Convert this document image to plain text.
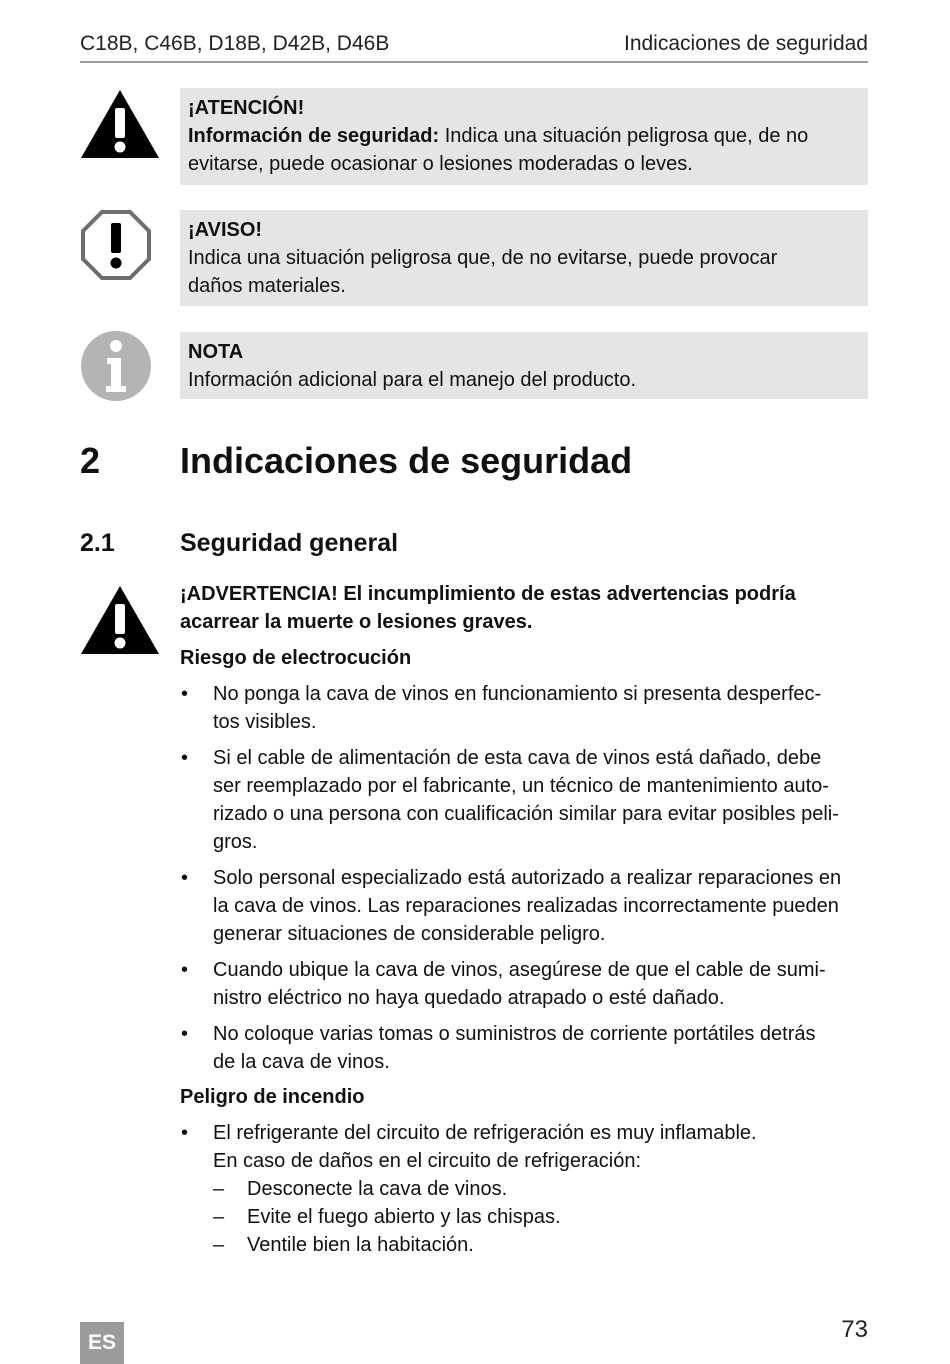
C18B, C46B, D18B, D42B, D46B	Indicaciones de seguridad
¡ATENCIÓN!
Información de seguridad: Indica una situación peligrosa que, de no
evitarse, puede ocasionar o lesiones moderadas o leves.
¡AVISO!
Indica una situación peligrosa que, de no evitarse, puede provocar
daños materiales.
NOTA
Información adicional para el manejo del producto.
2 Indicaciones de seguridad
2.1	Seguridad general
¡ADVERTENCIA! El incumplimiento de estas advertencias podría
acarrear la muerte o lesiones graves.
Riesgo de electrocución
• No ponga la cava de vinos en funcionamiento si presenta desperfec-
tos visibles.
• Si el cable de alimentación de esta cava de vinos está dañado, debe
ser reemplazado por el fabricante, un técnico de mantenimiento auto-
rizado o una persona con cualificación similar para evitar posibles peli-
gros.
• Solo personal especializado está autorizado a realizar reparaciones en
la cava de vinos. Las reparaciones realizadas incorrectamente pueden
generar situaciones de considerable peligro.
• Cuando ubique la cava de vinos, asegúrese de que el cable de sumi-
nistro eléctrico no haya quedado atrapado o esté dañado.
• No coloque varias tomas o suministros de corriente portátiles detrás
de la cava de vinos.
Peligro de incendio
• El refrigerante del circuito de refrigeración es muy inflamable.
En caso de daños en el circuito de refrigeración:
– Desconecte la cava de vinos.
– Evite el fuego abierto y las chispas.
– Ventile bien la habitación.
ES	73
